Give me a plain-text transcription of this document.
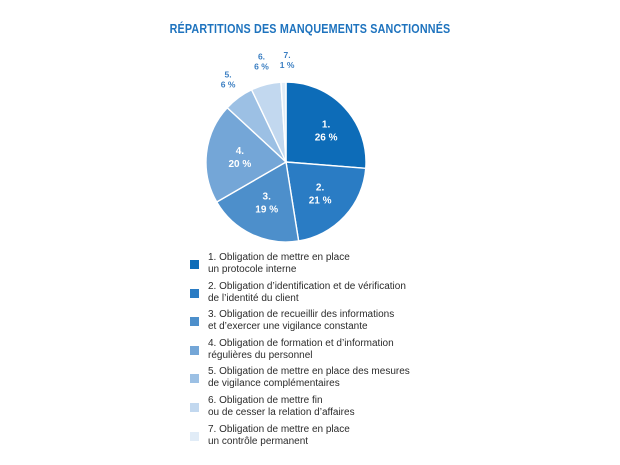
RÉPARTITIONS DES MANQUEMENTS SANCTIONNÉS
1.
26 %
2.
21 %
3.
19 %
4.
20 %
5.
6 %
6.
6 %
7.
1 %
1. Obligation de mettre en place
un protocole interne
2. Obligation d’identification et de vérification
de l’identité du client
3. Obligation de recueillir des informations
et d’exercer une vigilance constante
4. Obligation de formation et d’information
régulières du personnel
5. Obligation de mettre en place des mesures
de vigilance complémentaires
6. Obligation de mettre fin
ou de cesser la relation d’affaires
7. Obligation de mettre en place
un contrôle permanent
